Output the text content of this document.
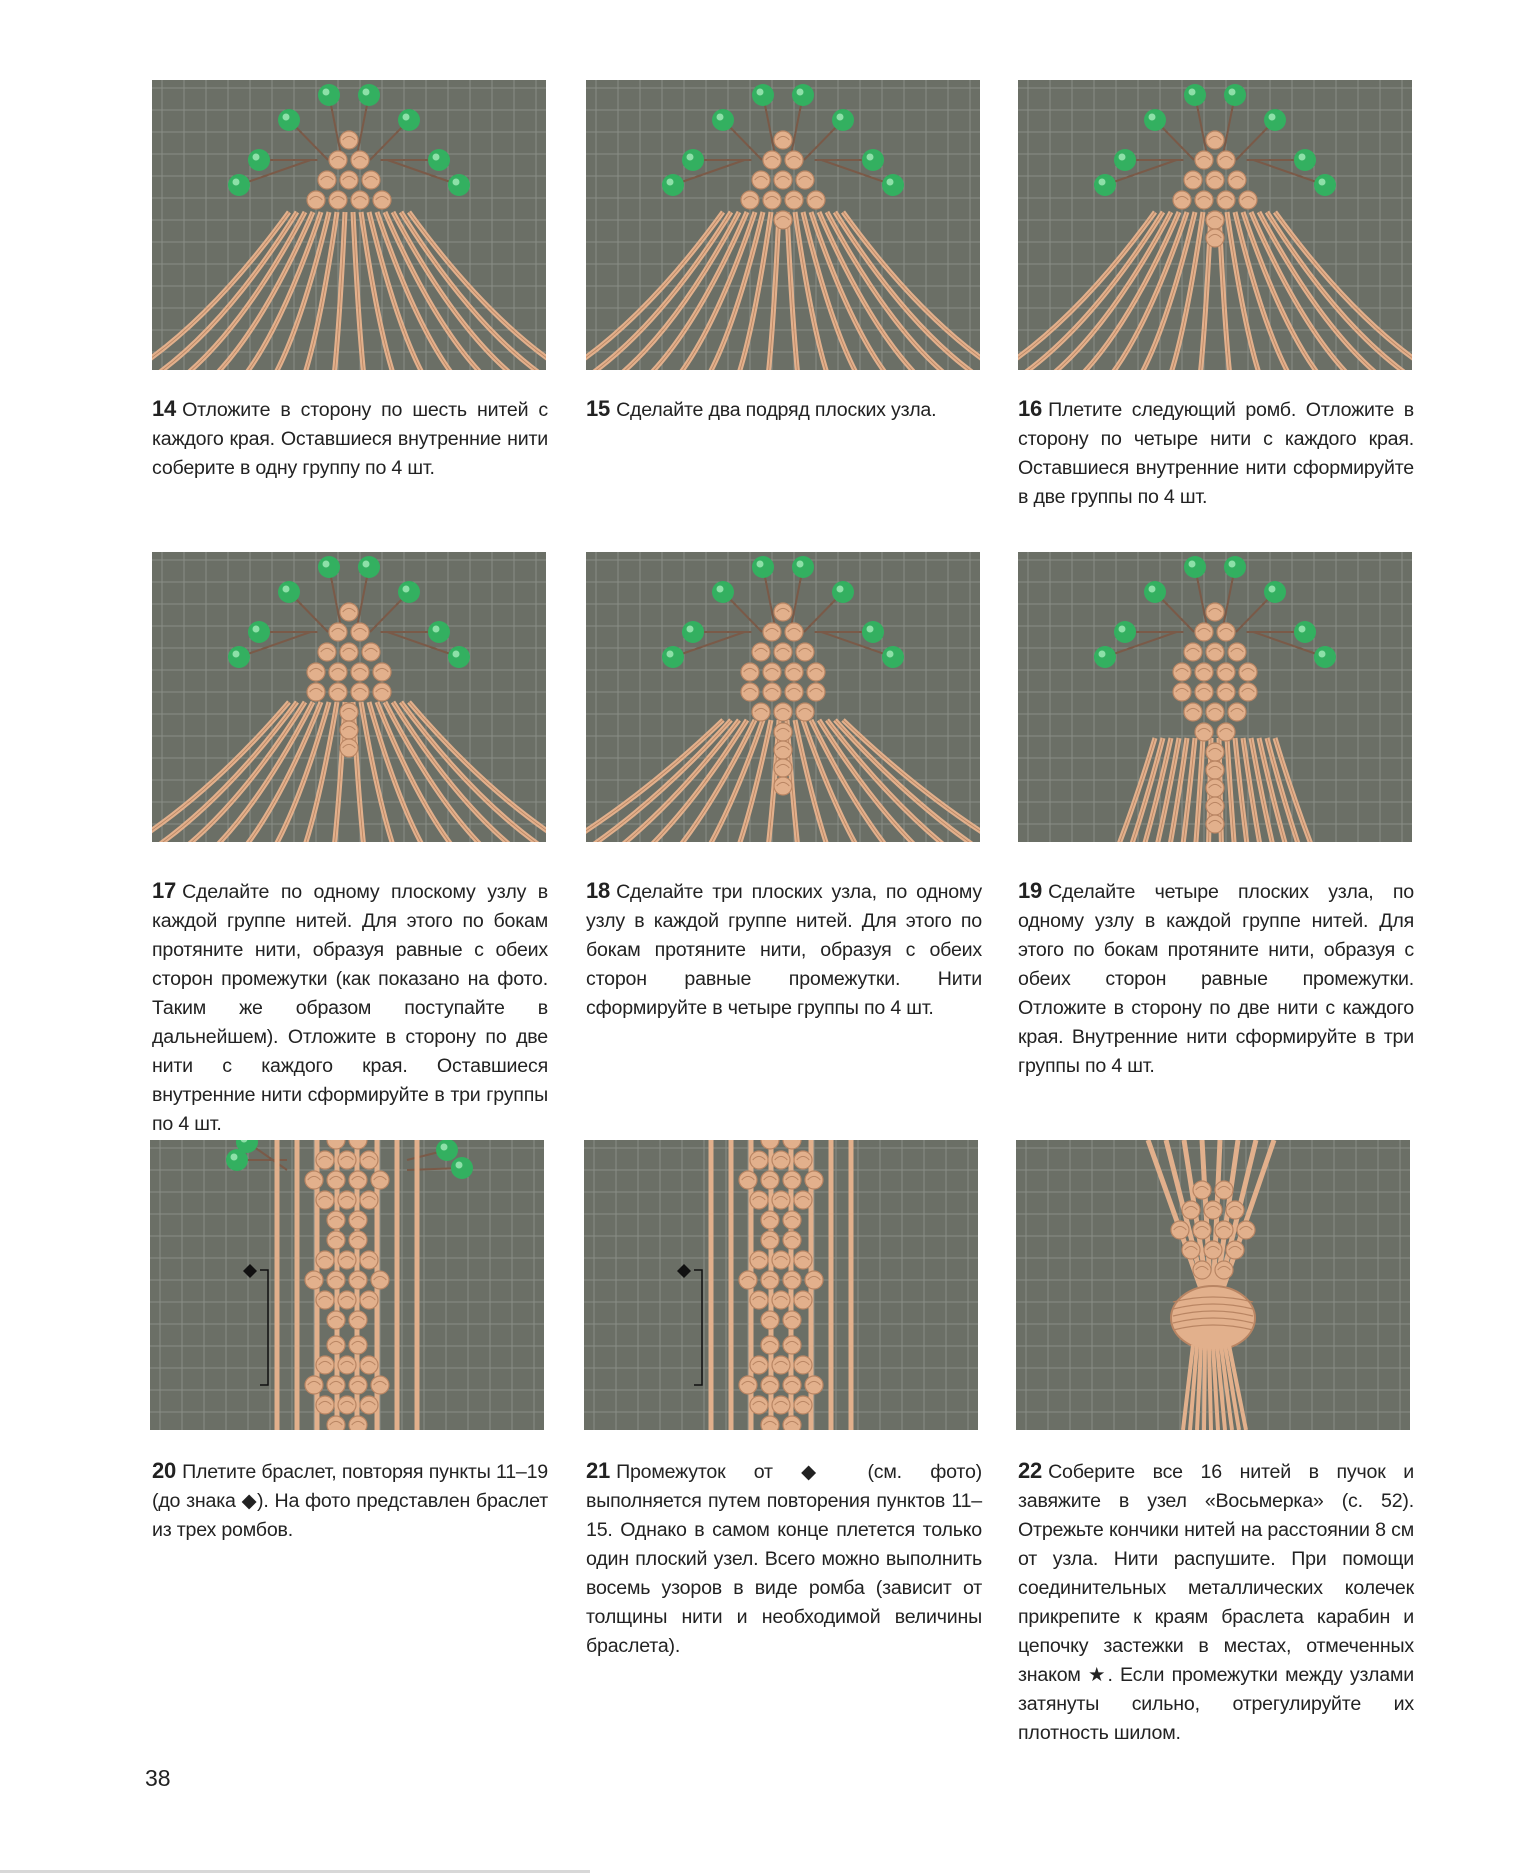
14 Отложите в сторону по шесть нитей с каждого края. Оставшиеся внутренние нити соберите в одну группу по 4 шт.
15 Сделайте два подряд плоских узла.	16 Плетите следующий ромб. Отложите в сторону по четыре нити с каждого края. Оставшиеся внутренние нити сформируйте в две группы по 4 шт.
17 Сделайте по одному плоскому узлу в каждой группе нитей. Для этого по бокам протяните нити, образуя равные с обеих сторон промежутки (как показано на фото. Таким же образом поступайте в дальнейшем). Отложите в сторону по две нити с каждого края. Оставшиеся внутренние нити сформируйте в три группы по 4 шт.
18 Сделайте три плоских узла, по одному узлу в каждой группе нитей. Для этого по бокам протяните нити, образуя с обеих сторон равные промежутки. Нити сформируйте в четыре группы по 4 шт.
19 Сделайте четыре плоских узла, по одному узлу в каждой группе нитей. Для этого по бокам протяните нити, образуя с обеих сторон равные промежутки. Отложите в сторону по две нити с каждого края. Внутренние нити сформируйте в три группы по 4 шт.
20 Плетите браслет, повторяя пункты 11–19 (до знака ◆). На фото представлен браслет из трех ромбов.
21 Промежуток от ◆ (см. фото) выполняется путем повторения пунктов 11–15. Однако в самом конце плетется только один плоский узел. Всего можно выполнить восемь узоров в виде ромба (зависит от толщины нити и необходимой величины браслета).
22 Соберите все 16 нитей в пучок и завяжите в узел «Восьмерка» (с. 52). Отрежьте кончики нитей на расстоянии 8 см от узла. Нити распушите. При помощи соединительных металлических колечек прикрепите к краям браслета карабин и цепочку застежки в местах, отмеченных знаком ★. Если промежутки между узлами затянуты сильно, отрегулируйте их плотность шилом.
38
